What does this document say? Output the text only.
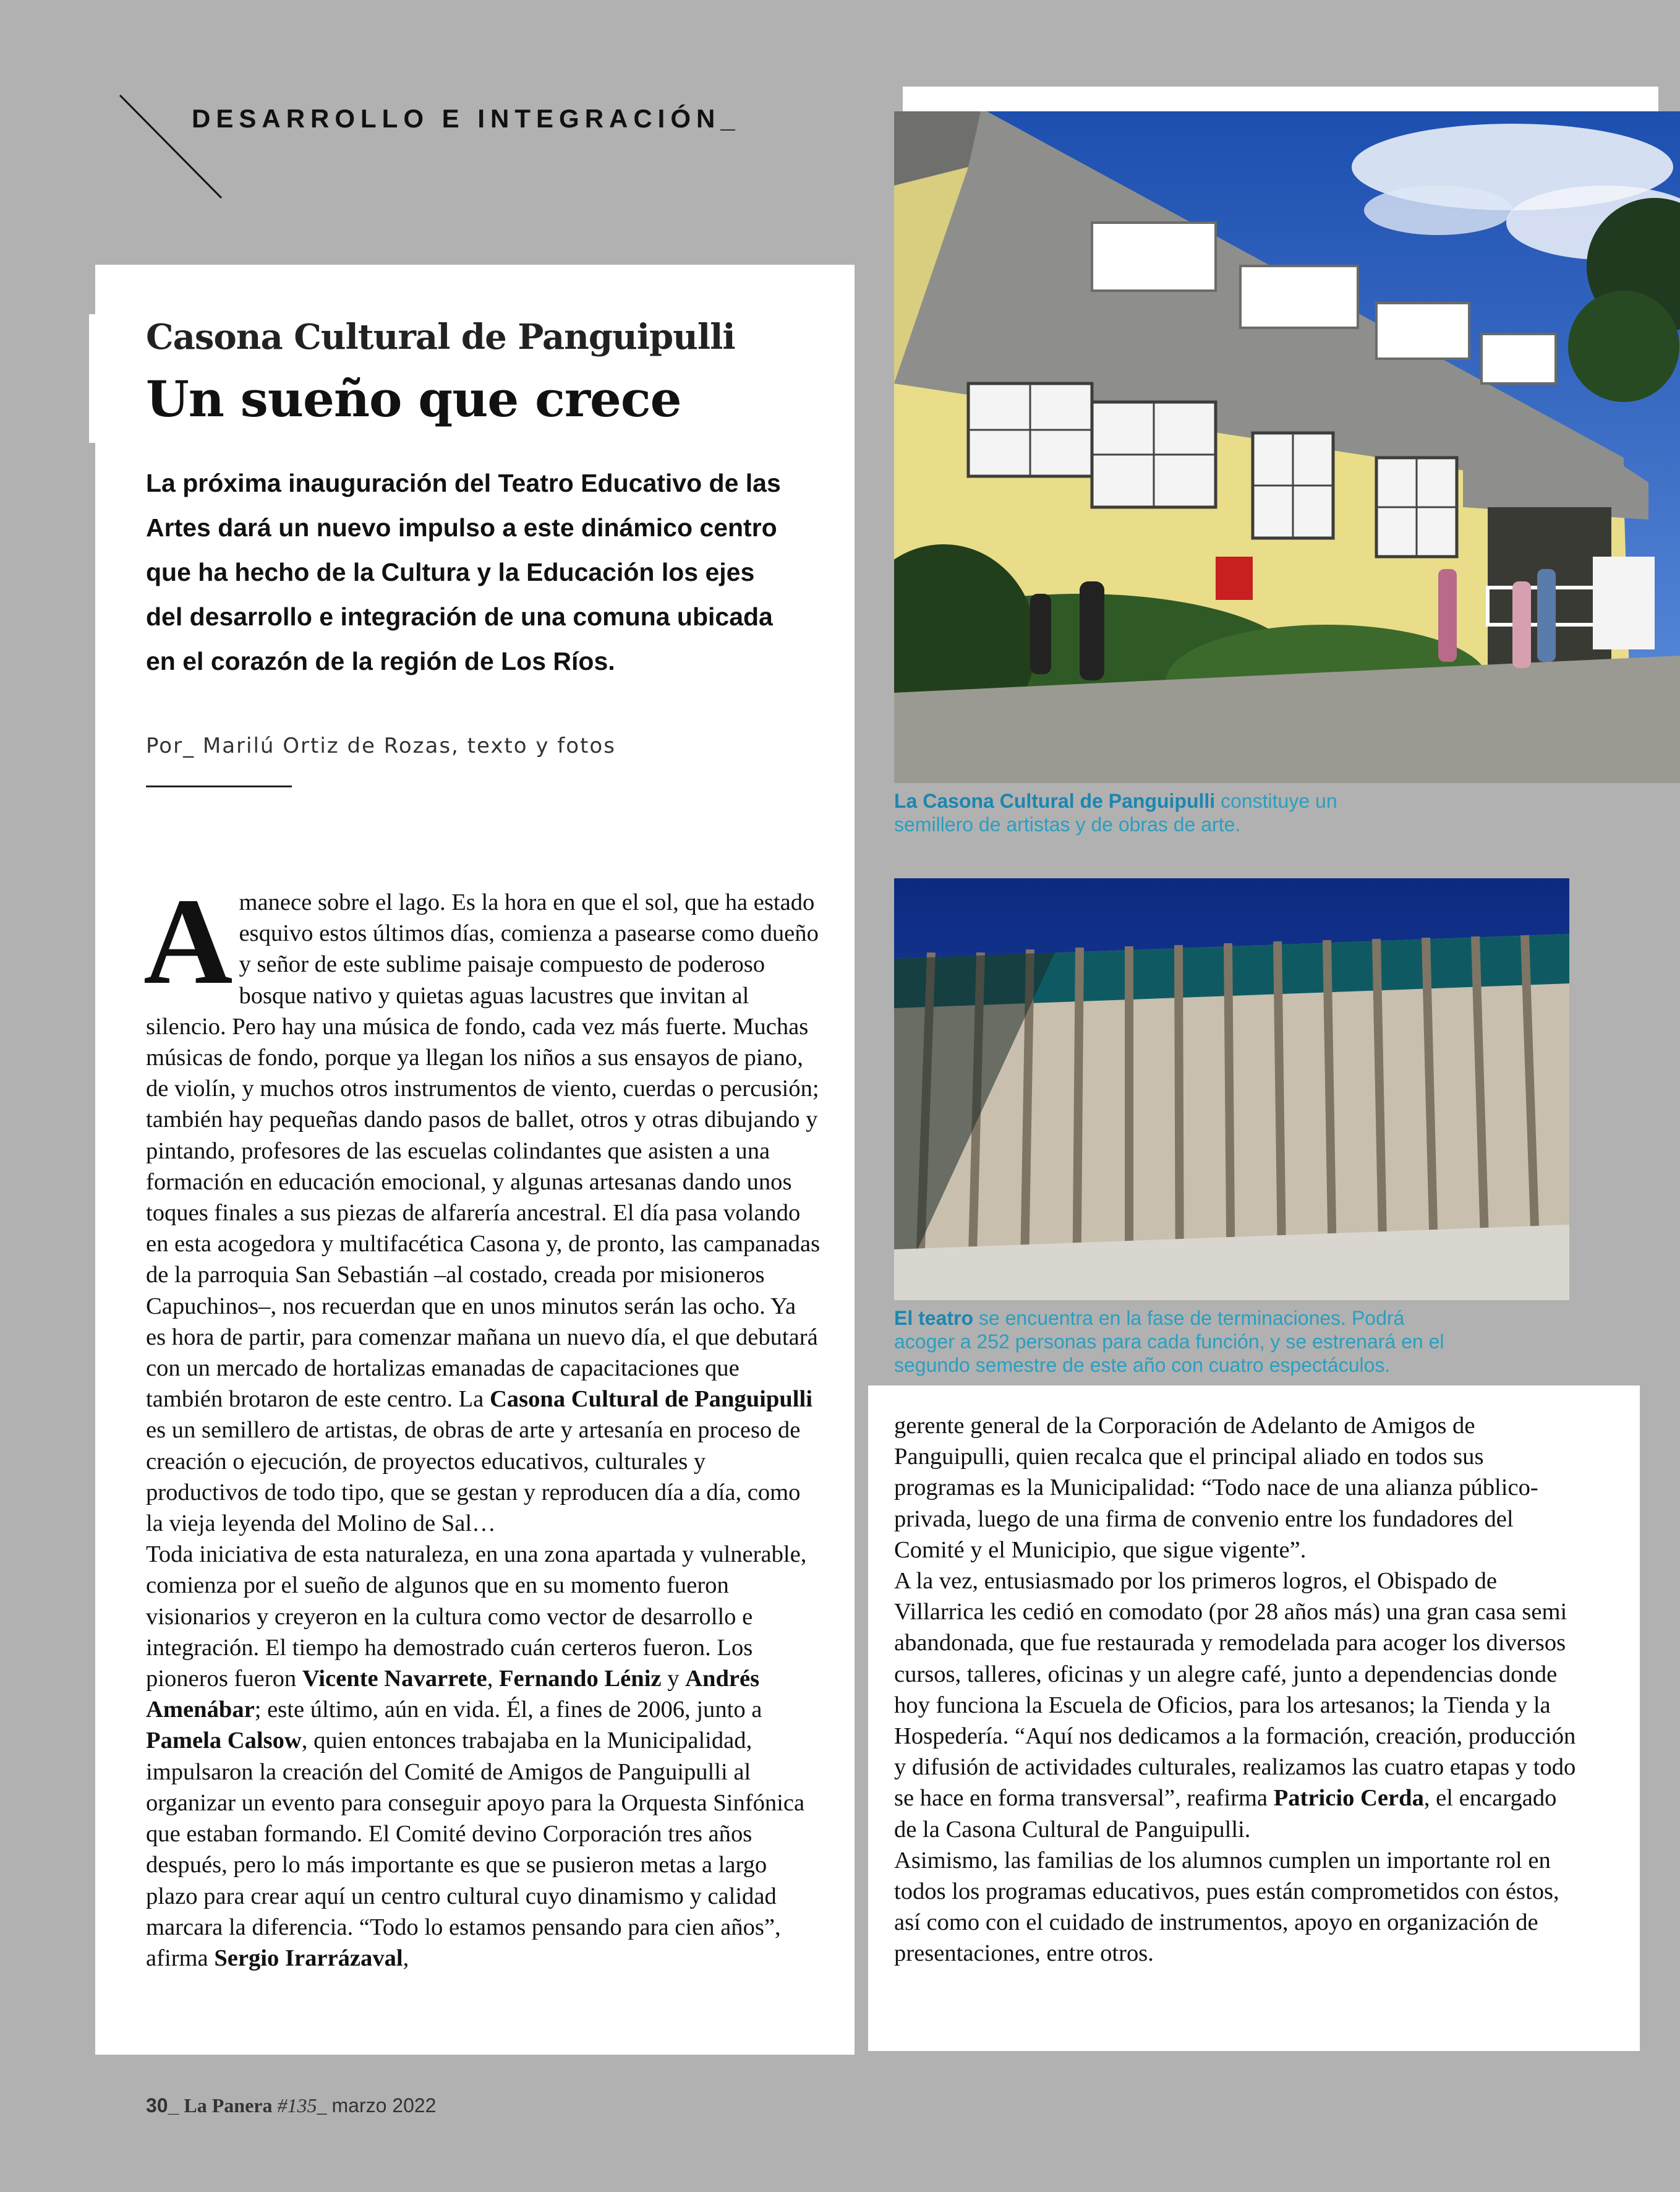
DESARROLLO E INTEGRACIÓN_
La Casona Cultural de Panguipulli constituye un semillero de artistas y de obras de arte.
El teatro se encuentra en la fase de terminaciones. Podrá acoger a 252 personas para cada función, y se estrenará en el segundo semestre de este año con cuatro espectáculos.
Casona Cultural de Panguipulli
Un sueño que crece
La próxima inauguración del Teatro Educativo de las Artes dará un nuevo impulso a este dinámico centro que ha hecho de la Cultura y la Educación los ejes del desarrollo e integración de una comuna ubicada en el corazón de la región de Los Ríos.
Por_ Marilú Ortiz de Rozas, texto y fotos

Amanece sobre el lago. Es la hora en que el sol, que ha estado esquivo estos últimos días, comienza a pasearse como dueño y señor de este sublime paisaje compuesto de poderoso bosque nativo y quietas aguas lacustres que invitan al silencio. Pero hay una música de fondo, cada vez más fuerte. Muchas músicas de fondo, porque ya llegan los niños a sus ensayos de piano, de violín, y muchos otros instrumentos de viento, cuerdas o percusión; también hay pequeñas dando pasos de ballet, otros y otras dibujando y pintando, profesores de las escuelas colindantes que asisten a una formación en educación emocional, y algunas artesanas dando unos toques finales a sus piezas de alfarería ancestral. El día pasa volando en esta acogedora y multifacética Casona y, de pronto, las campanadas de la parroquia San Sebastián –al costado, creada por misioneros Capuchinos–, nos recuerdan que en unos minutos serán las ocho. Ya es hora de partir, para comenzar mañana un nuevo día, el que debutará con un mercado de hortalizas emanadas de capacitaciones que también brotaron de este centro. La Casona Cultural de Panguipulli es un semillero de artistas, de obras de arte y artesanía en proceso de creación o ejecución, de proyectos educativos, culturales y productivos de todo tipo, que se gestan y reproducen día a día, como la vieja leyenda del Molino de Sal…

Toda iniciativa de esta naturaleza, en una zona apartada y vulnerable, comienza por el sueño de algunos que en su momento fueron visionarios y creyeron en la cultura como vector de desarrollo e integración. El tiempo ha demostrado cuán certeros fueron. Los pioneros fueron Vicente Navarrete, Fernando Léniz y Andrés Amenábar; este último, aún en vida. Él, a fines de 2006, junto a Pamela Calsow, quien entonces trabajaba en la Municipalidad, impulsaron la creación del Comité de Amigos de Panguipulli al organizar un evento para conseguir apoyo para la Orquesta Sinfónica que estaban formando. El Comité devino Corporación tres años después, pero lo más importante es que se pusieron metas a largo plazo para crear aquí un centro cultural cuyo dinamismo y calidad marcara la diferencia. “Todo lo estamos pensando para cien años”, afirma Sergio Irarrázaval,

gerente general de la Corporación de Adelanto de Amigos de Panguipulli, quien recalca que el principal aliado en todos sus programas es la Municipalidad: “Todo nace de una alianza público-privada, luego de una firma de convenio entre los fundadores del Comité y el Municipio, que sigue vigente”.

A la vez, entusiasmado por los primeros logros, el Obispado de Villarrica les cedió en comodato (por 28 años más) una gran casa semi abandonada, que fue restaurada y remodelada para acoger los diversos cursos, talleres, oficinas y un alegre café, junto a dependencias donde hoy funciona la Escuela de Oficios, para los artesanos; la Tienda y la Hospedería. “Aquí nos dedicamos a la formación, creación, producción y difusión de actividades culturales, realizamos las cuatro etapas y todo se hace en forma transversal”, reafirma Patricio Cerda, el encargado de la Casona Cultural de Panguipulli.

Asimismo, las familias de los alumnos cumplen un importante rol en todos los programas educativos, pues están comprometidos con éstos, así como con el cuidado de instrumentos, apoyo en organización de presentaciones, entre otros.

30_ La Panera #135_ marzo 2022
